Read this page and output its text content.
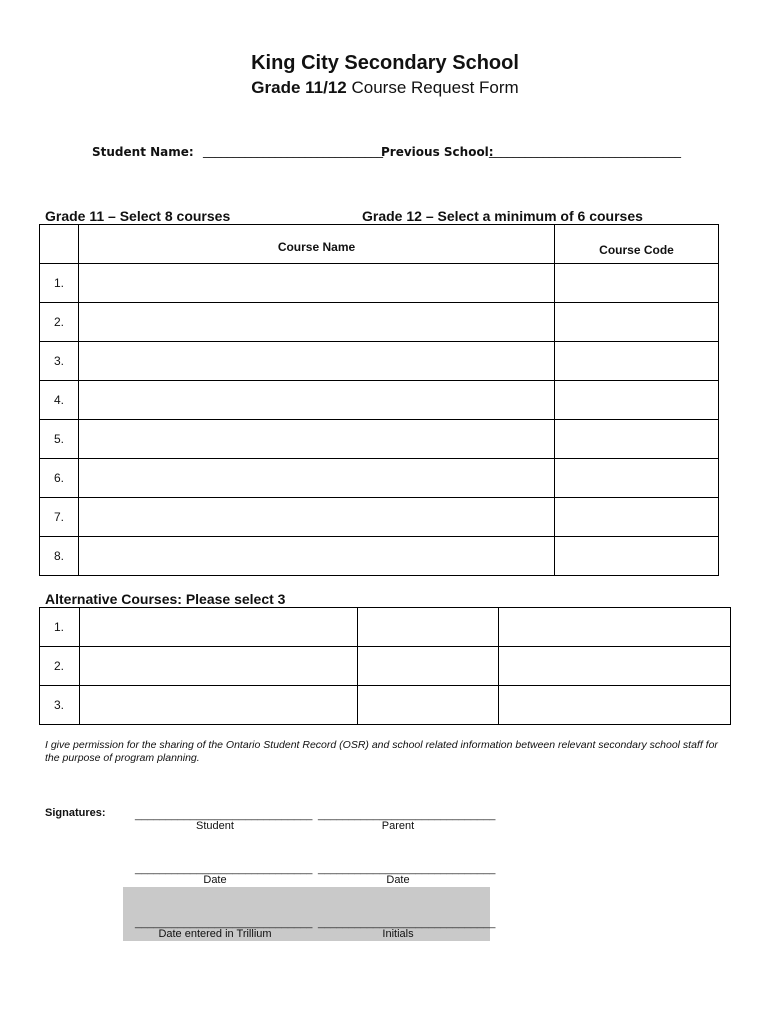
King City Secondary School
Grade 11/12 Course Request Form
Student Name: ______________________________
Previous School:
________________________________
Grade 11 – Select 8 courses	Grade 12 – Select a minimum of 6 courses
	Course Name	Course Code
1.		
2.		
3.		
4.		
5.		
6.		
7.		
8.		
Alternative Courses: Please select 3
1.			
2.			
3.			
I give permission for the sharing of the Ontario Student Record (OSR) and school related information between relevant secondary school staff for the purpose of program planning.
Signatures:	_____________________________
Student
_____________________________
Parent
_____________________________
Date
_____________________________
Date
_____________________________
Date entered in Trillium
_____________________________
Initials
